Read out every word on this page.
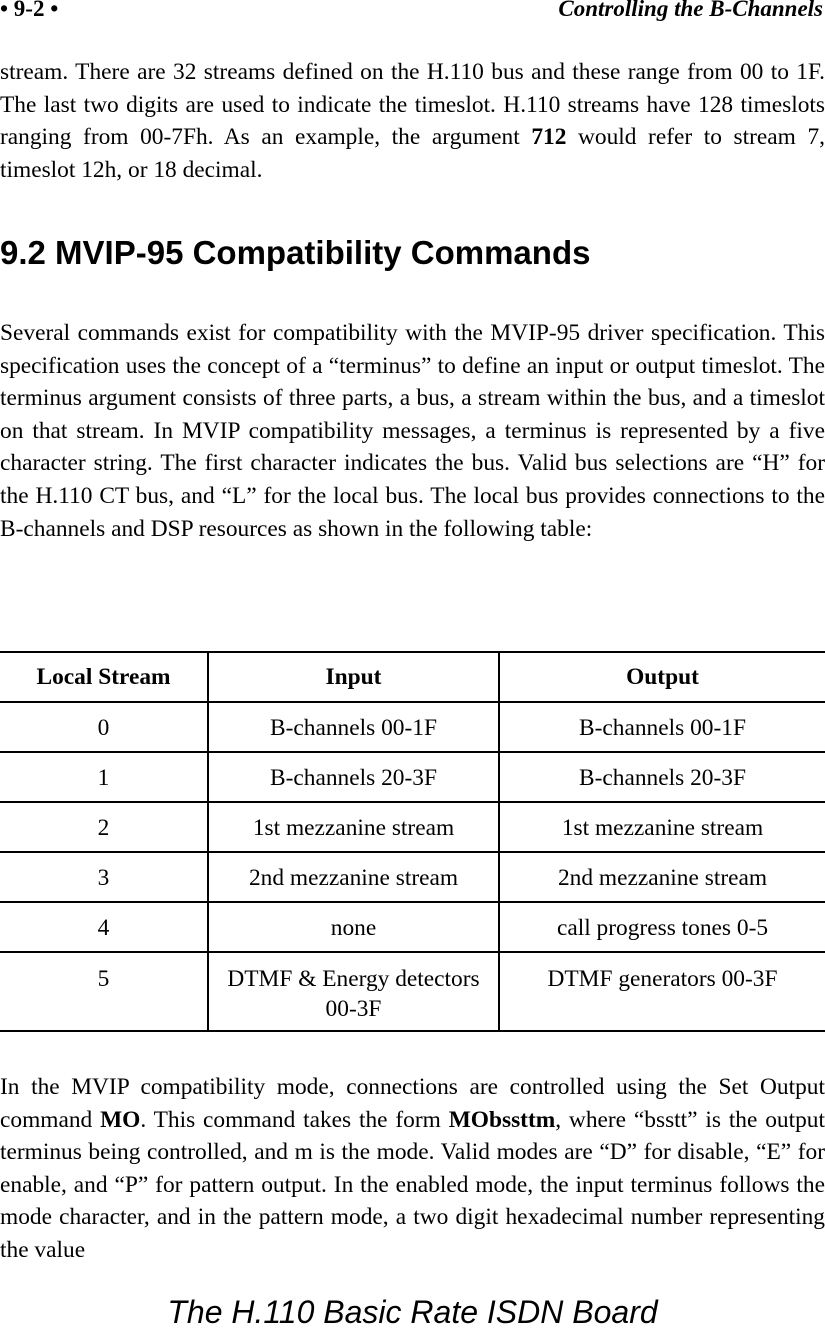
• 9-2 •	Controlling the B-Channels

stream. There are 32 streams defined on the H.110 bus and these range from 00 to 1F. The last two digits are used to indicate the timeslot. H.110 streams have 128 timeslots ranging from 00-7Fh. As an example, the argument 712 would refer to stream 7, timeslot 12h, or 18 decimal.

9.2 MVIP-95 Compatibility Commands

Several commands exist for compatibility with the MVIP-95 driver specification. This specification uses the concept of a “terminus” to define an input or output timeslot. The terminus argument consists of three parts, a bus, a stream within the bus, and a timeslot on that stream. In MVIP compatibility messages, a terminus is represented by a five character string. The first character indicates the bus. Valid bus selections are “H” for the H.110 CT bus, and “L” for the local bus. The local bus provides connections to the B-channels and DSP resources as shown in the following table:

Local Stream	Input	Output
0	B-channels 00-1F	B-channels 00-1F
1	B-channels 20-3F	B-channels 20-3F
2	1st mezzanine stream	1st mezzanine stream
3	2nd mezzanine stream	2nd mezzanine stream
4	none	call progress tones 0-5
5	DTMF & Energy detectors 00-3F	DTMF generators 00-3F

In the MVIP compatibility mode, connections are controlled using the Set Output command MO. This command takes the form MObssttm, where “bsstt” is the output terminus being controlled, and m is the mode. Valid modes are “D” for disable, “E” for enable, and “P” for pattern output. In the enabled mode, the input terminus follows the mode character, and in the pattern mode, a two digit hexadecimal number representing the value

The H.110 Basic Rate ISDN Board
